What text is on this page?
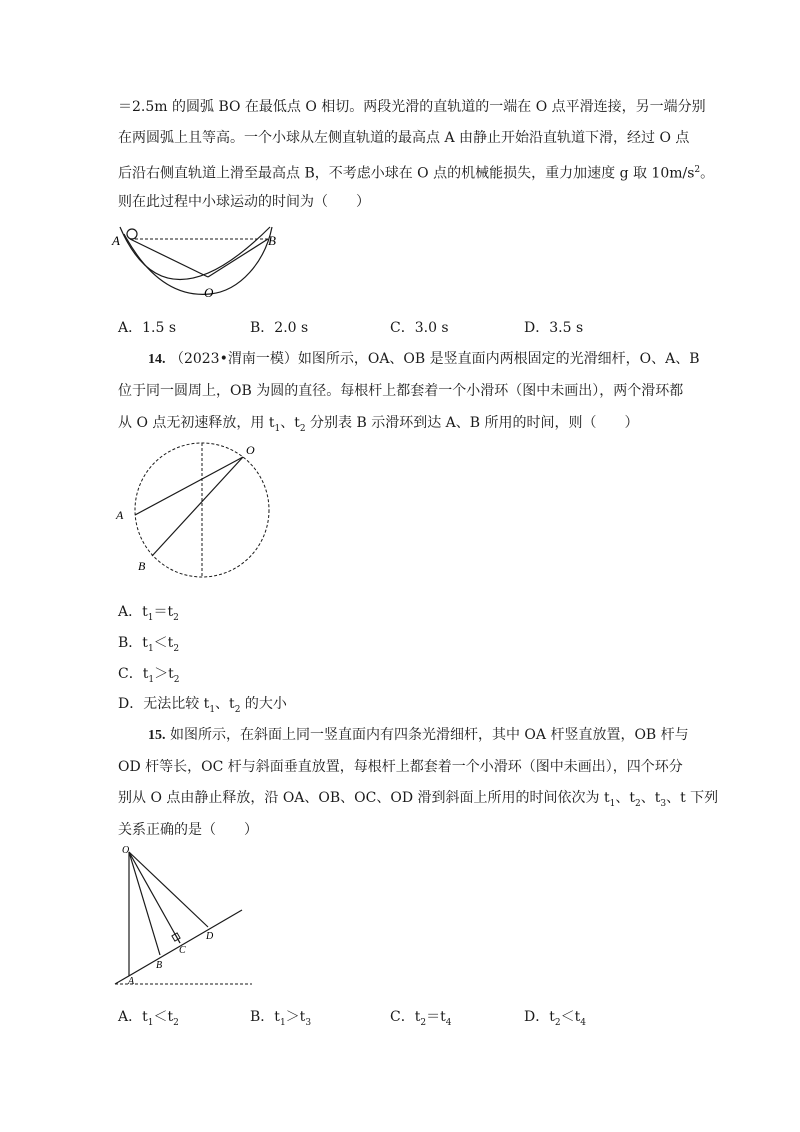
＝2.5m 的圆弧 BO 在最低点 O 相切。两段光滑的直轨道的一端在 O 点平滑连接，另一端分别
在两圆弧上且等高。一个小球从左侧直轨道的最高点 A 由静止开始沿直轨道下滑，经过 O 点
后沿右侧直轨道上滑至最高点 B，不考虑小球在 O 点的机械能损失，重力加速度 g 取 $10m/s^2$。
则在此过程中小球运动的时间为（　　）
A	B
O
A．1.5 s	B．2.0 s	C．3.0 s	D．3.5 s
14. （2023•渭南一模）如图所示，OA、OB 是竖直面内两根固定的光滑细杆，O、A、B
位于同一圆周上，OB 为圆的直径。每根杆上都套着一个小滑环（图中未画出），两个滑环都
从 O 点无初速释放，用 $t_1$、$t_2$ 分别表 B 示滑环到达 A、B 所用的时间，则（　　）
O
A
B
A．$t_1=t_2$
B．$t_1<t_2$
C．$t_1>t_2$
D．无法比较 $t_1$、$t_2$ 的大小
15. 如图所示，在斜面上同一竖直面内有四条光滑细杆，其中 OA 杆竖直放置，OB 杆与
OD 杆等长，OC 杆与斜面垂直放置，每根杆上都套着一个小滑环（图中未画出），四个环分
别从 O 点由静止释放，沿 OA、OB、OC、OD 滑到斜面上所用的时间依次为 $t_1$、$t_2$、$t_3$、t 下列
关系正确的是（　　）
O
A
B
C
D
A．$t_1<t_2$	B．$t_1>t_3$	C．$t_2=t_4$	D．$t_2<t_4$
